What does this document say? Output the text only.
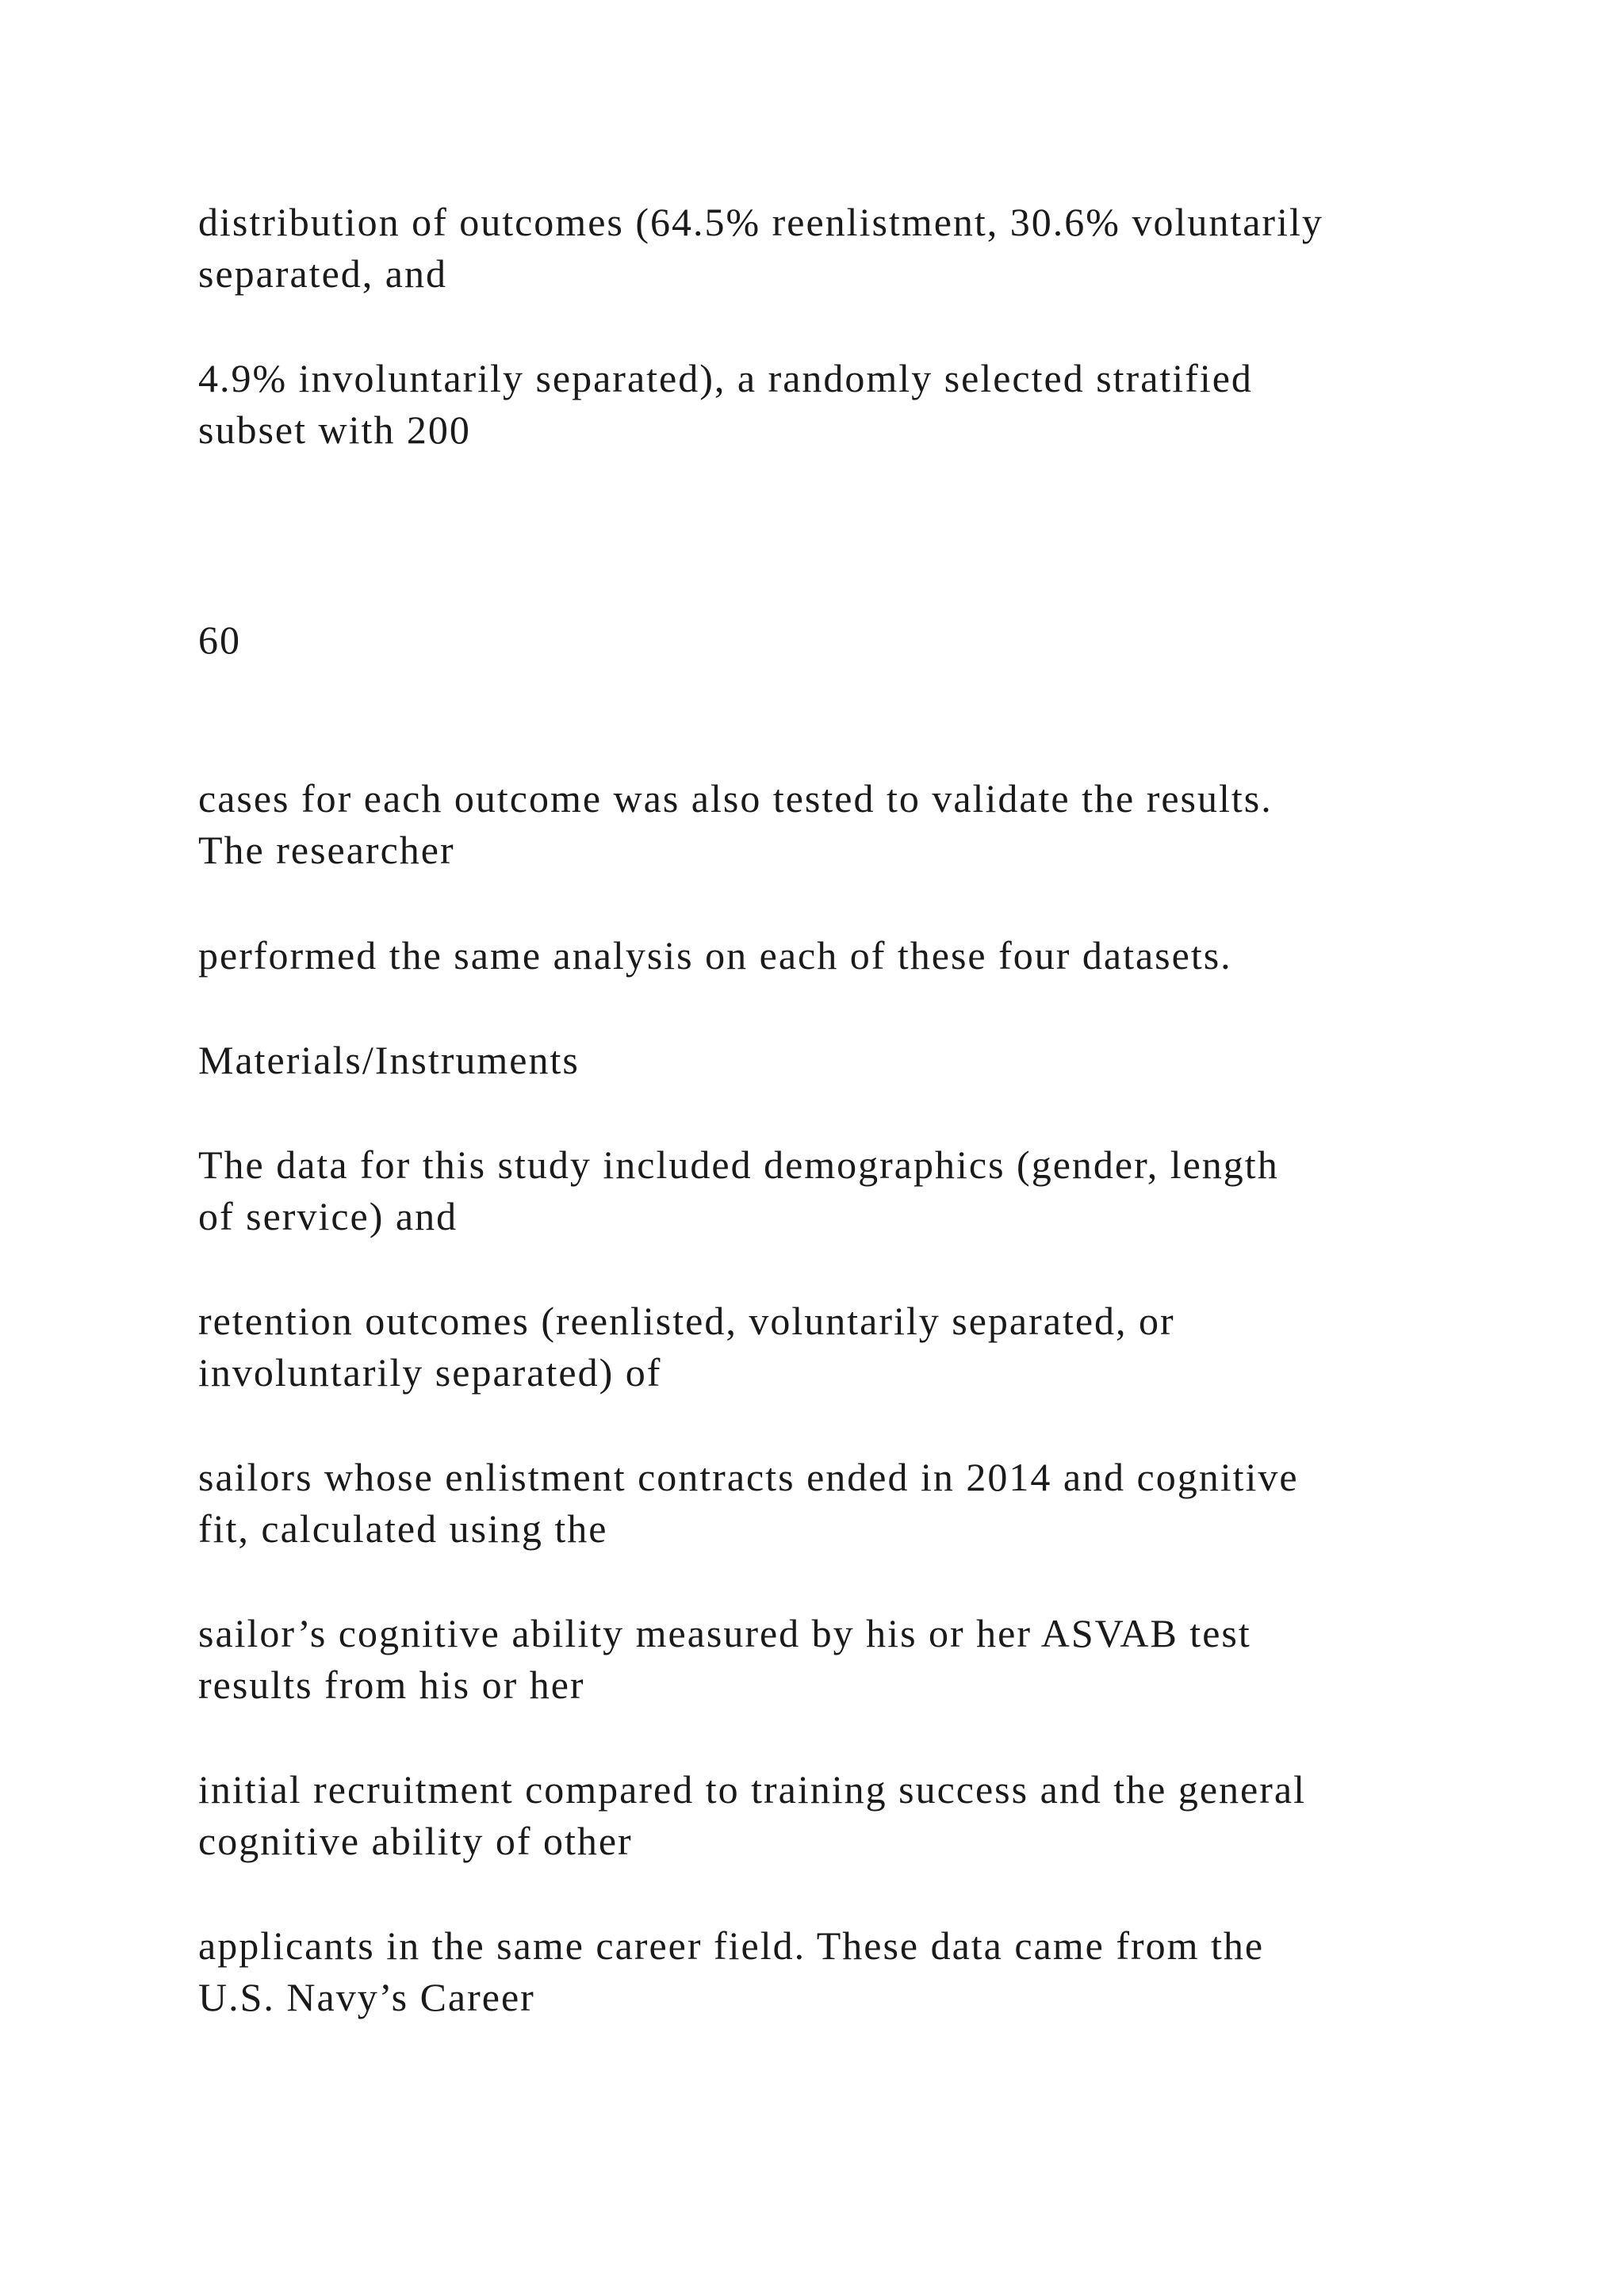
distribution of outcomes (64.5% reenlistment, 30.6% voluntarily
separated, and

4.9% involuntarily separated), a randomly selected stratified
subset with 200

60

cases for each outcome was also tested to validate the results.
The researcher

performed the same analysis on each of these four datasets.

Materials/Instruments

The data for this study included demographics (gender, length
of service) and

retention outcomes (reenlisted, voluntarily separated, or
involuntarily separated) of

sailors whose enlistment contracts ended in 2014 and cognitive
fit, calculated using the

sailor’s cognitive ability measured by his or her ASVAB test
results from his or her

initial recruitment compared to training success and the general
cognitive ability of other

applicants in the same career field. These data came from the
U.S. Navy’s Career
